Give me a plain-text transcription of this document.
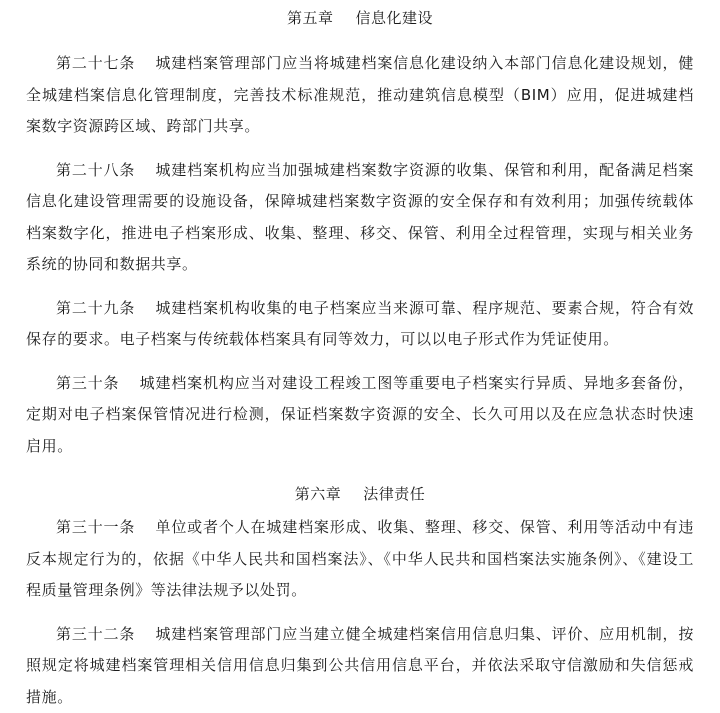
第五章 信息化建设

第二十七条 城建档案管理部门应当将城建档案信息化建设纳入本部门信息化建设规划，健全城建档案信息化管理制度，完善技术标准规范，推动建筑信息模型（BIM）应用，促进城建档案数字资源跨区域、跨部门共享。

第二十八条 城建档案机构应当加强城建档案数字资源的收集、保管和利用，配备满足档案信息化建设管理需要的设施设备，保障城建档案数字资源的安全保存和有效利用；加强传统载体档案数字化，推进电子档案形成、收集、整理、移交、保管、利用全过程管理，实现与相关业务系统的协同和数据共享。

第二十九条 城建档案机构收集的电子档案应当来源可靠、程序规范、要素合规，符合有效保存的要求。电子档案与传统载体档案具有同等效力，可以以电子形式作为凭证使用。

第三十条 城建档案机构应当对建设工程竣工图等重要电子档案实行异质、异地多套备份，定期对电子档案保管情况进行检测，保证档案数字资源的安全、长久可用以及在应急状态时快速启用。

第六章 法律责任

第三十一条 单位或者个人在城建档案形成、收集、整理、移交、保管、利用等活动中有违反本规定行为的，依据《中华人民共和国档案法》、《中华人民共和国档案法实施条例》、《建设工程质量管理条例》等法律法规予以处罚。

第三十二条 城建档案管理部门应当建立健全城建档案信用信息归集、评价、应用机制，按照规定将城建档案管理相关信用信息归集到公共信用信息平台，并依法采取守信激励和失信惩戒措施。
